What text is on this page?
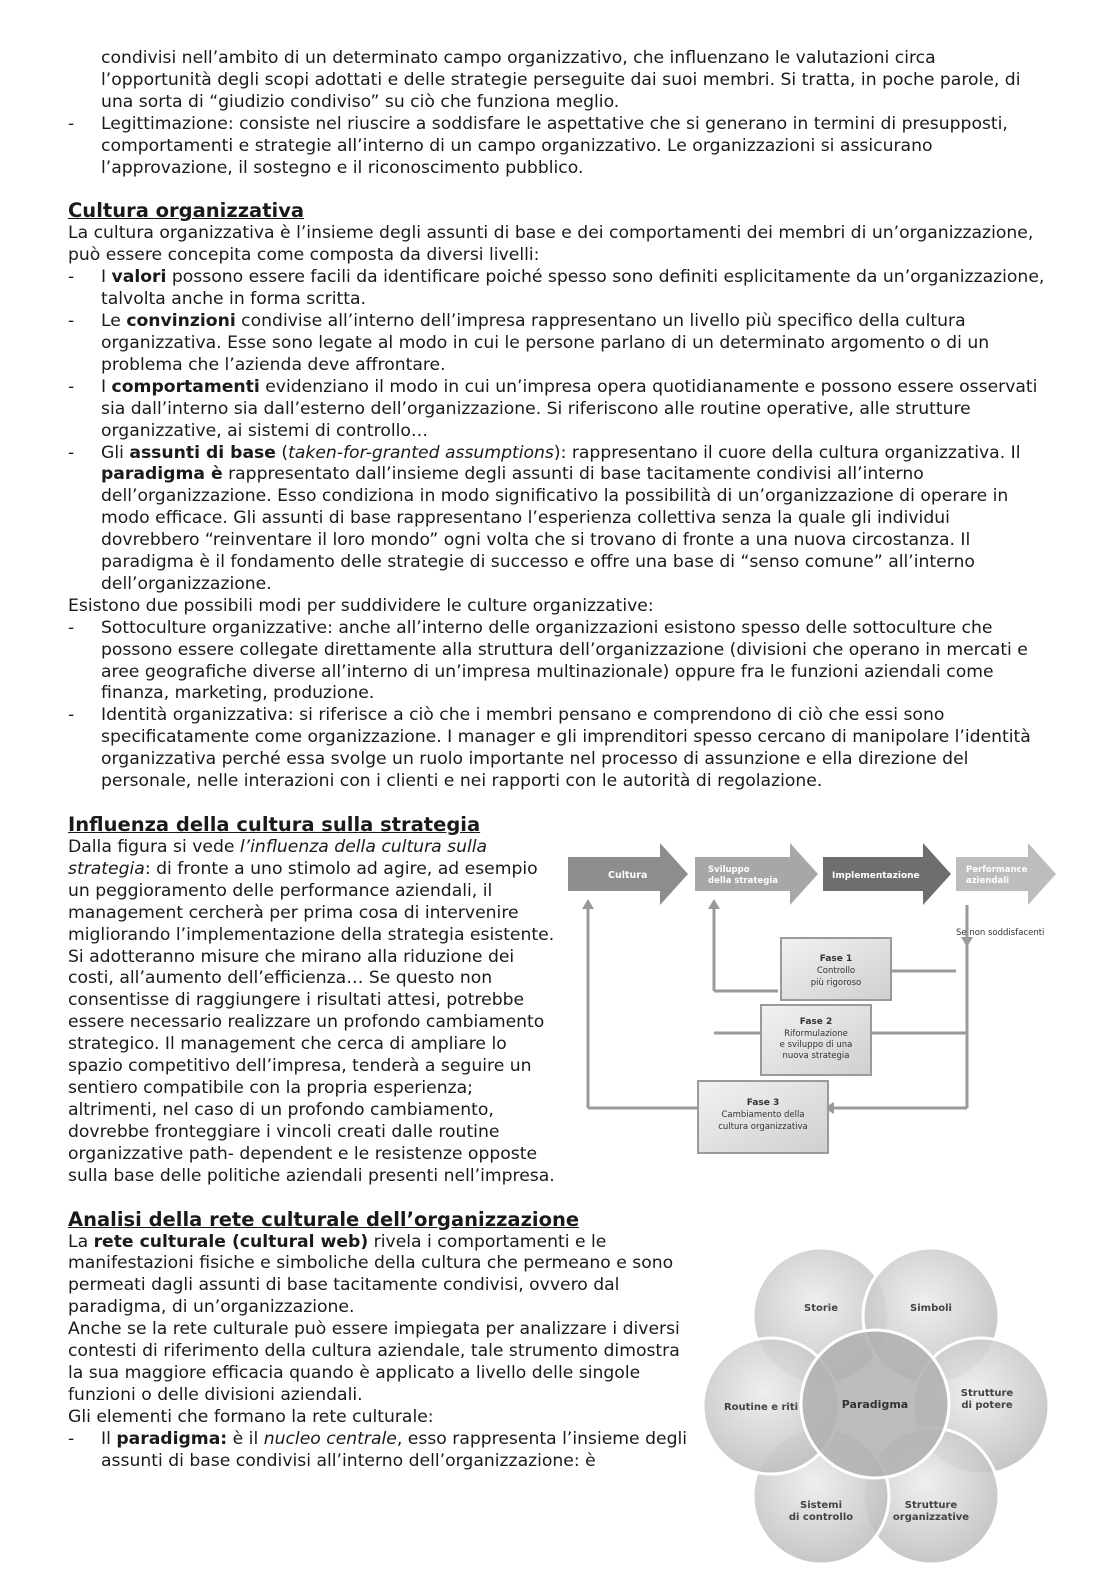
condivisi nell’ambito di un determinato campo organizzativo, che influenzano le valutazioni circa l’opportunità degli scopi adottati e delle strategie perseguite dai suoi membri. Si tratta, in poche parole, di una sorta di “giudizio condiviso” su ciò che funziona meglio.

- Legittimazione: consiste nel riuscire a soddisfare le aspettative che si generano in termini di presupposti, comportamenti e strategie all’interno di un campo organizzativo. Le organizzazioni si assicurano l’approvazione, il sostegno e il riconoscimento pubblico.

Cultura organizzativa

La cultura organizzativa è l’insieme degli assunti di base e dei comportamenti dei membri di un’organizzazione, può essere concepita come composta da diversi livelli:

- I valori possono essere facili da identificare poiché spesso sono definiti esplicitamente da un’organizzazione, talvolta anche in forma scritta.

- Le convinzioni condivise all’interno dell’impresa rappresentano un livello più specifico della cultura organizzativa. Esse sono legate al modo in cui le persone parlano di un determinato argomento o di un problema che l’azienda deve affrontare.

- I comportamenti evidenziano il modo in cui un’impresa opera quotidianamente e possono essere osservati sia dall’interno sia dall’esterno dell’organizzazione. Si riferiscono alle routine operative, alle strutture organizzative, ai sistemi di controllo…

- Gli assunti di base (taken-for-granted assumptions): rappresentano il cuore della cultura organizzativa. Il paradigma è rappresentato dall’insieme degli assunti di base tacitamente condivisi all’interno dell’organizzazione. Esso condiziona in modo significativo la possibilità di un’organizzazione di operare in modo efficace. Gli assunti di base rappresentano l’esperienza collettiva senza la quale gli individui dovrebbero “reinventare il loro mondo” ogni volta che si trovano di fronte a una nuova circostanza. Il paradigma è il fondamento delle strategie di successo e offre una base di “senso comune” all’interno dell’organizzazione.

Esistono due possibili modi per suddividere le culture organizzative:

- Sottoculture organizzative: anche all’interno delle organizzazioni esistono spesso delle sottoculture che possono essere collegate direttamente alla struttura dell’organizzazione (divisioni che operano in mercati e aree geografiche diverse all’interno di un’impresa multinazionale) oppure fra le funzioni aziendali come finanza, marketing, produzione.

- Identità organizzativa: si riferisce a ciò che i membri pensano e comprendono di ciò che essi sono specificatamente come organizzazione. I manager e gli imprenditori spesso cercano di manipolare l’identità organizzativa perché essa svolge un ruolo importante nel processo di assunzione e ella direzione del personale, nelle interazioni con i clienti e nei rapporti con le autorità di regolazione.

Influenza della cultura sulla strategia
Cultura	Sviluppo
della strategia	Implementazione
Performance
aziendali
Se non soddisfacenti
Fase 1
Controllo
più rigoroso
Fase 2
Riformulazione
e sviluppo di una
nuova strategia
Fase 3
Cambiamento della
cultura organizzativa

Dalla figura si vede l’influenza della cultura sulla strategia: di fronte a uno stimolo ad agire, ad esempio un peggioramento delle performance aziendali, il management cercherà per prima cosa di intervenire migliorando l’implementazione della strategia esistente. Si adotteranno misure che mirano alla riduzione dei costi, all’aumento dell’efficienza… Se questo non consentisse di raggiungere i risultati attesi, potrebbe essere necessario realizzare un profondo cambiamento strategico. Il management che cerca di ampliare lo spazio competitivo dell’impresa, tenderà a seguire un sentiero compatibile con la propria esperienza; altrimenti, nel caso di un profondo cambiamento, dovrebbe fronteggiare i vincoli creati dalle routine organizzative path- dependent e le resistenze opposte sulla base delle politiche aziendali presenti nell’impresa.

Analisi della rete culturale dell’organizzazione
Storie	Simboli
Strutture
di potere
Strutture
organizzative
Sistemi
di controllo
Routine e riti	Paradigma

La rete culturale (cultural web) rivela i comportamenti e le manifestazioni fisiche e simboliche della cultura che permeano e sono permeati dagli assunti di base tacitamente condivisi, ovvero dal paradigma, di un’organizzazione.

Anche se la rete culturale può essere impiegata per analizzare i diversi contesti di riferimento della cultura aziendale, tale strumento dimostra la sua maggiore efficacia quando è applicato a livello delle singole funzioni o delle divisioni aziendali.

Gli elementi che formano la rete culturale:

- Il paradigma: è il nucleo centrale, esso rappresenta l’insieme degli assunti di base condivisi all’interno dell’organizzazione: è
